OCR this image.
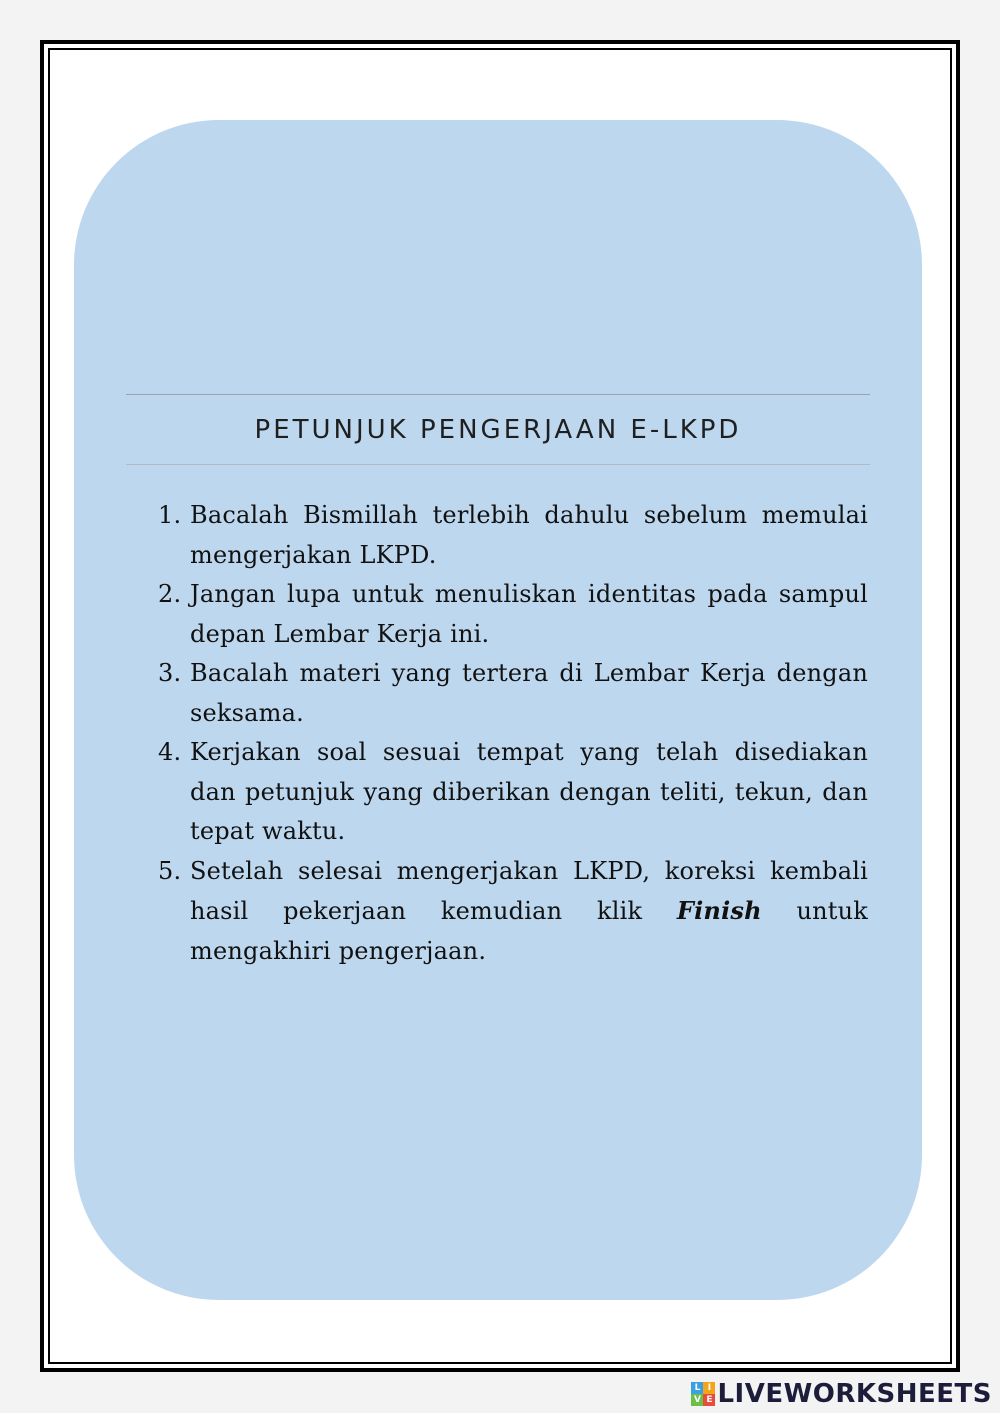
PETUNJUK PENGERJAAN E-LKPD
1. Bacalah Bismillah terlebih dahulu sebelum memulai mengerjakan LKPD.
2. Jangan lupa untuk menuliskan identitas pada sampul depan Lembar Kerja ini.
3. Bacalah materi yang tertera di Lembar Kerja dengan seksama.
4. Kerjakan soal sesuai tempat yang telah disediakan dan petunjuk yang diberikan dengan teliti, tekun, dan tepat waktu.
5. Setelah selesai mengerjakan LKPD, koreksi kembali hasil pekerjaan kemudian klik Finish untuk mengakhiri pengerjaan.
L I
V E LIVEWORKSHEETS
